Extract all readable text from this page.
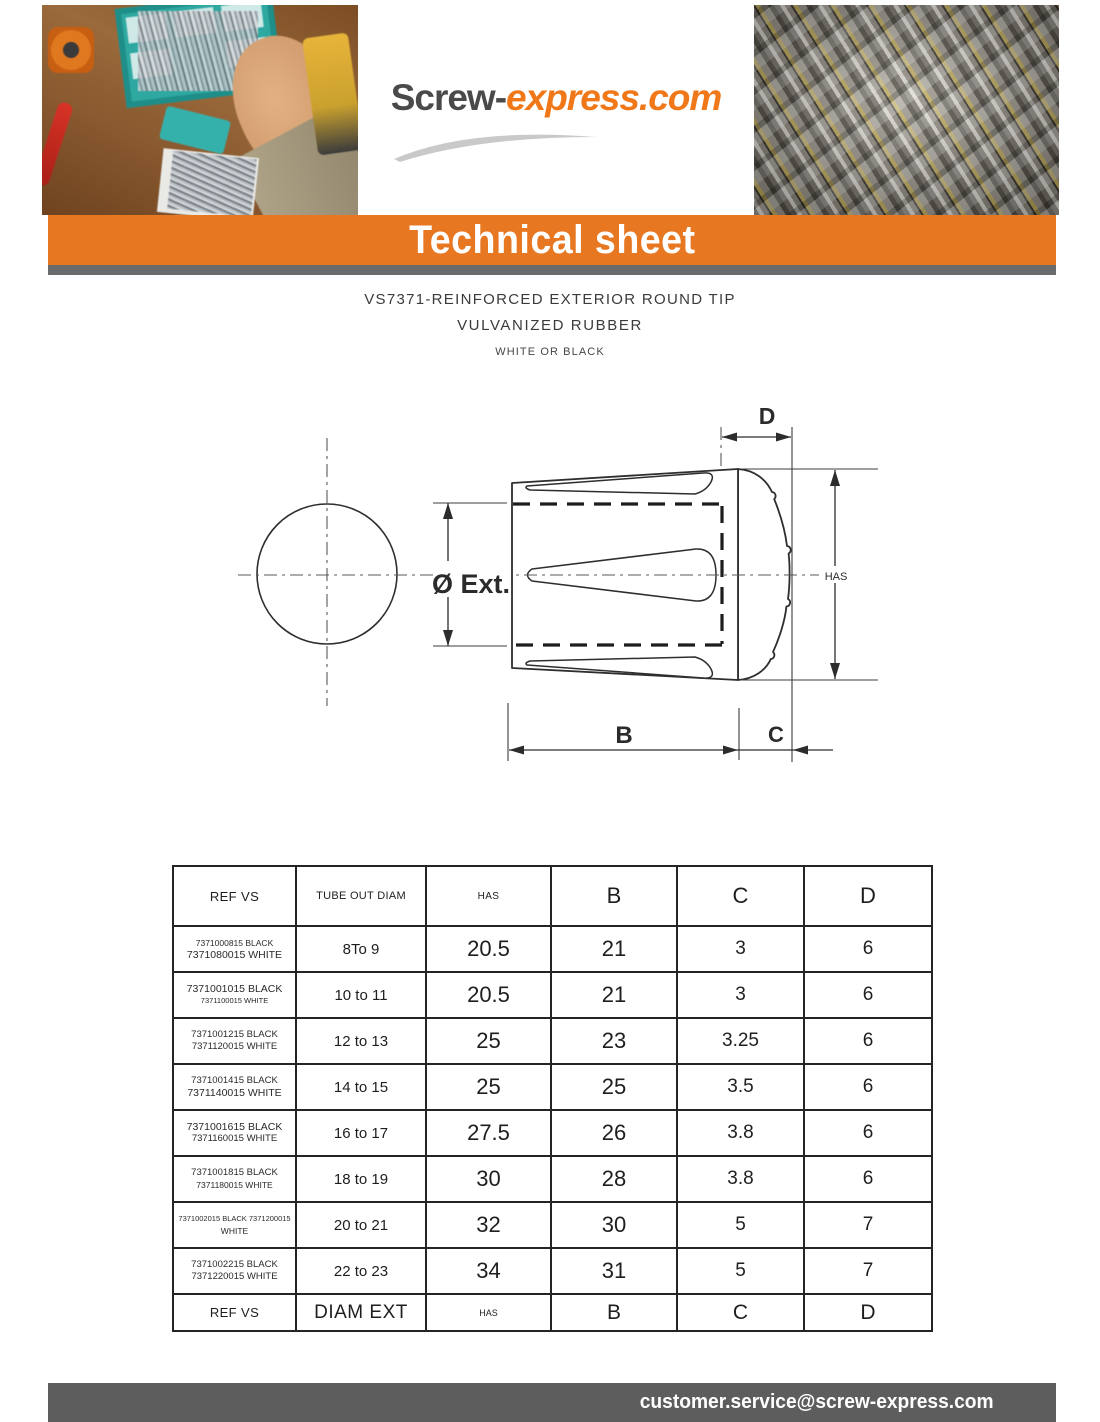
Screw-express.com
Technical sheet
VS7371-REINFORCED EXTERIOR ROUND TIP
VULVANIZED RUBBER
WHITE OR BLACK
Ø Ext.	HAS
D
B	C
REF VS	TUBE OUT DIAM	HAS	B	C	D

7371000815 BLACK
7371080015 WHITE	8To 9	20.5	21	3	6

7371001015 BLACK
7371100015 WHITE	10 to 11	20.5	21	3	6

7371001215 BLACK
7371120015 WHITE	12 to 13	25	23	3.25	6

7371001415 BLACK
7371140015 WHITE	14 to 15	25	25	3.5	6

7371001615 BLACK
7371160015 WHITE	16 to 17	27.5	26	3.8	6

7371001815 BLACK
7371180015 WHITE	18 to 19	30	28	3.8	6

7371002015 BLACK 7371200015
WHITE	20 to 21	32	30	5	7

7371002215 BLACK
7371220015 WHITE	22 to 23	34	31	5	7
REF VS	DIAM EXT	HAS	B	C	D
customer.service@screw-express.com
